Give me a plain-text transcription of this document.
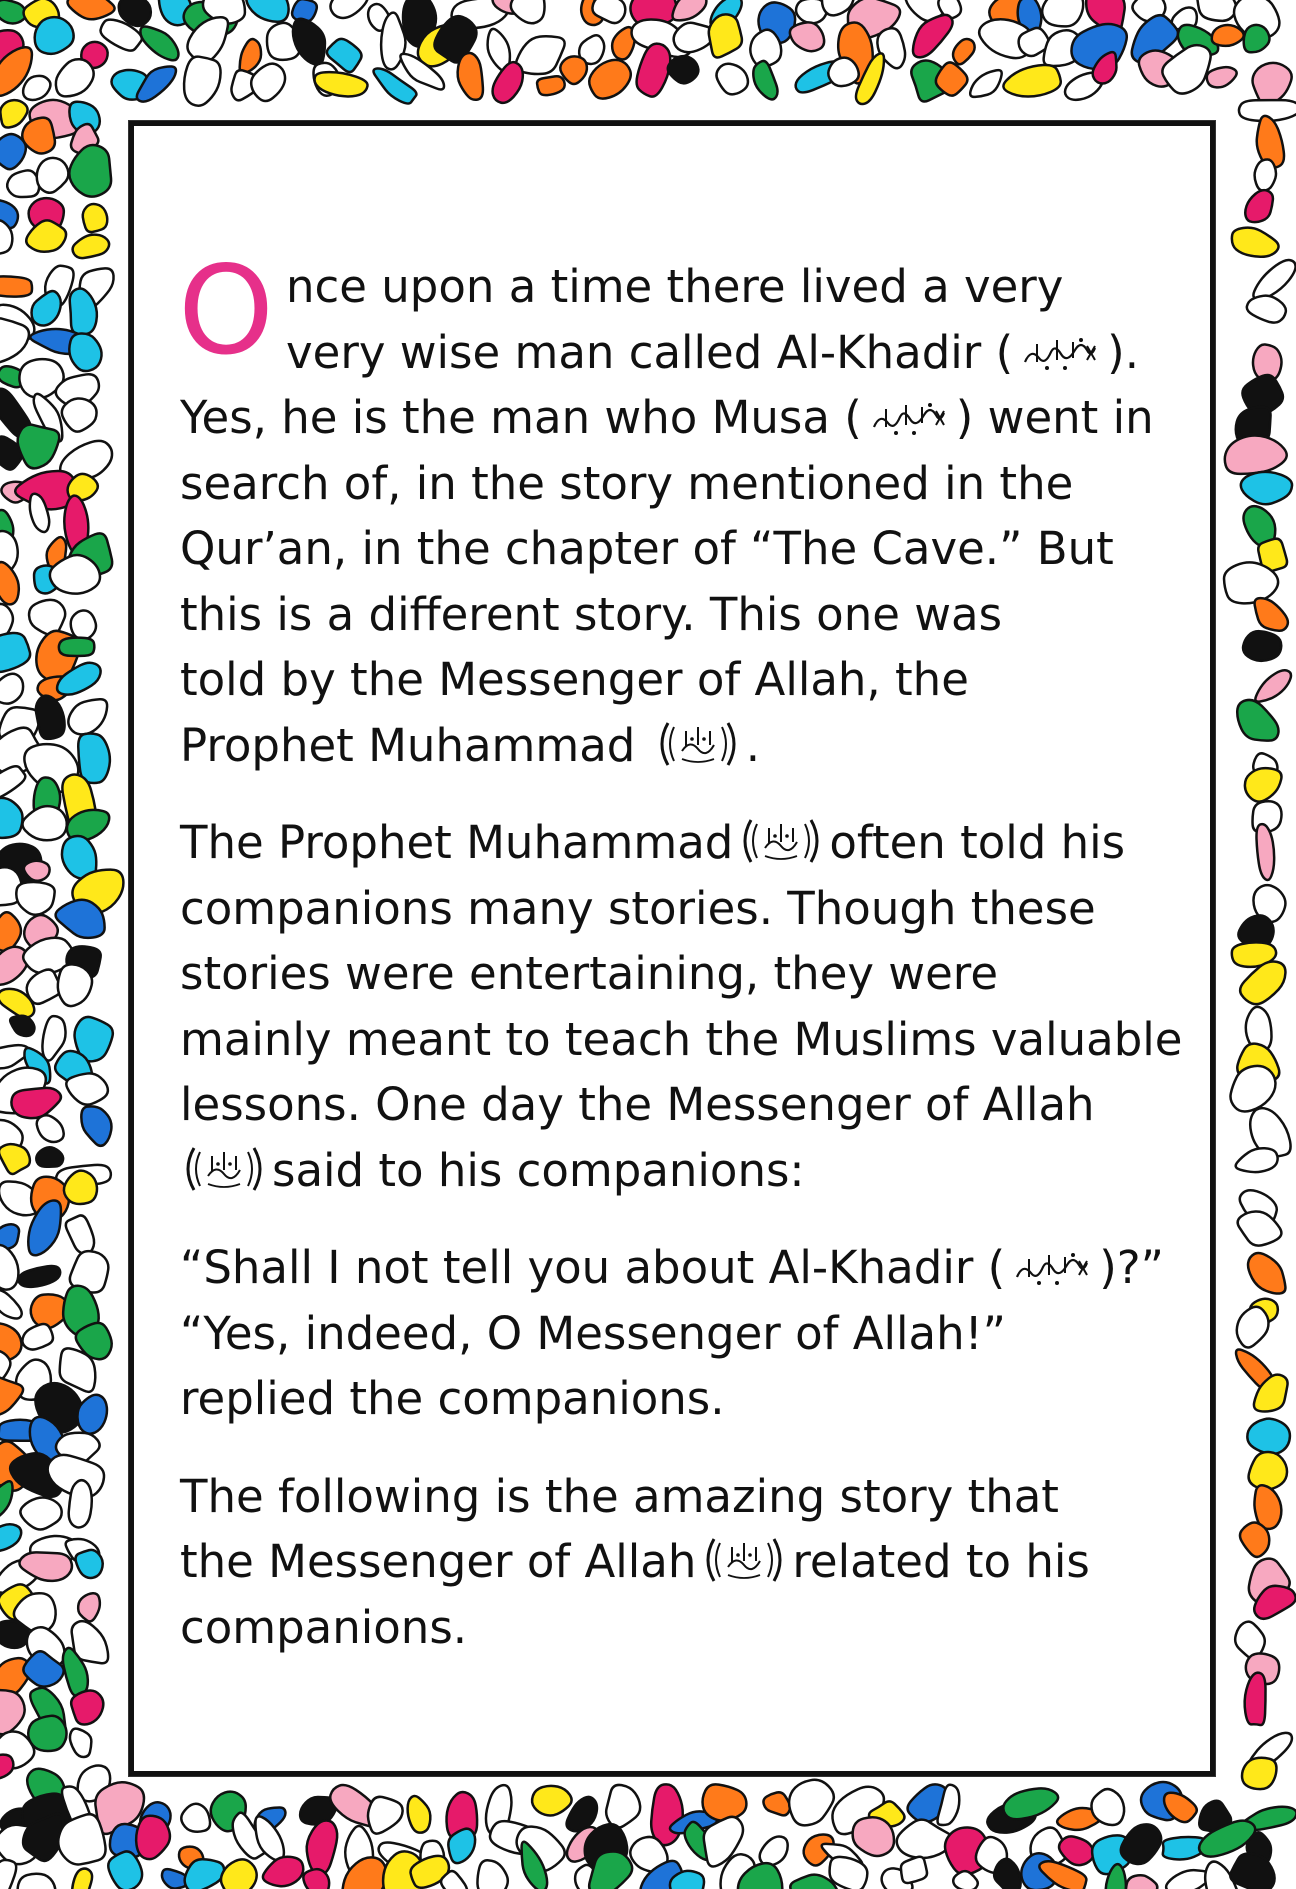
O nce upon a time there lived a very
very wise man called Al-Khadir ( ).
Yes, he is the man who Musa ( ) went in
search of, in the story mentioned in the
Qur’an, in the chapter of “The Cave.” But
this is a different story. This one was
told by the Messenger of Allah, the
Prophet Muhammad .

The Prophet Muhammad often told his
companions many stories. Though these
stories were entertaining, they were
mainly meant to teach the Muslims valuable
lessons. One day the Messenger of Allah
said to his companions:

“Shall I not tell you about Al-Khadir ( )?”
“Yes, indeed, O Messenger of Allah!”
replied the companions.

The following is the amazing story that
the Messenger of Allah related to his
companions.
